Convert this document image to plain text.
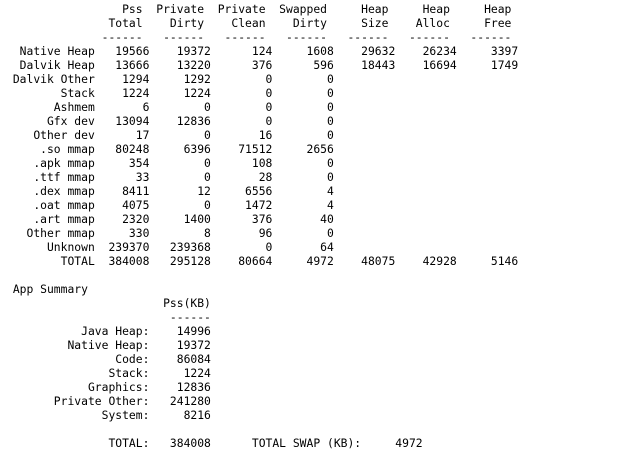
Pss  Private  Private  Swapped     Heap     Heap     Heap
Total    Dirty    Clean    Dirty     Size    Alloc     Free
------   ------   ------   ------   ------   ------   ------
Native Heap   19566    19372      124     1608    29632    26234     3397
Dalvik Heap   13666    13220      376      596    18443    16694     1749
Dalvik Other    1294     1292        0        0
Stack    1224     1224        0        0
Ashmem       6        0        0        0
Gfx dev   13094    12836        0        0
Other dev      17        0       16        0
.so mmap   80248     6396    71512     2656
.apk mmap     354        0      108        0
.ttf mmap      33        0       28        0
.dex mmap    8411       12     6556        4
.oat mmap    4075        0     1472        4
.art mmap    2320     1400      376       40
Other mmap     330        8       96        0
Unknown  239370   239368        0       64
TOTAL  384008   295128    80664     4972    48075    42928     5146
App Summary
Pss(KB)
------
Java Heap:    14996
Native Heap:    19372
Code:    86084
Stack:     1224
Graphics:    12836
Private Other:   241280
System:     8216
TOTAL:   384008      TOTAL SWAP (KB):     4972
